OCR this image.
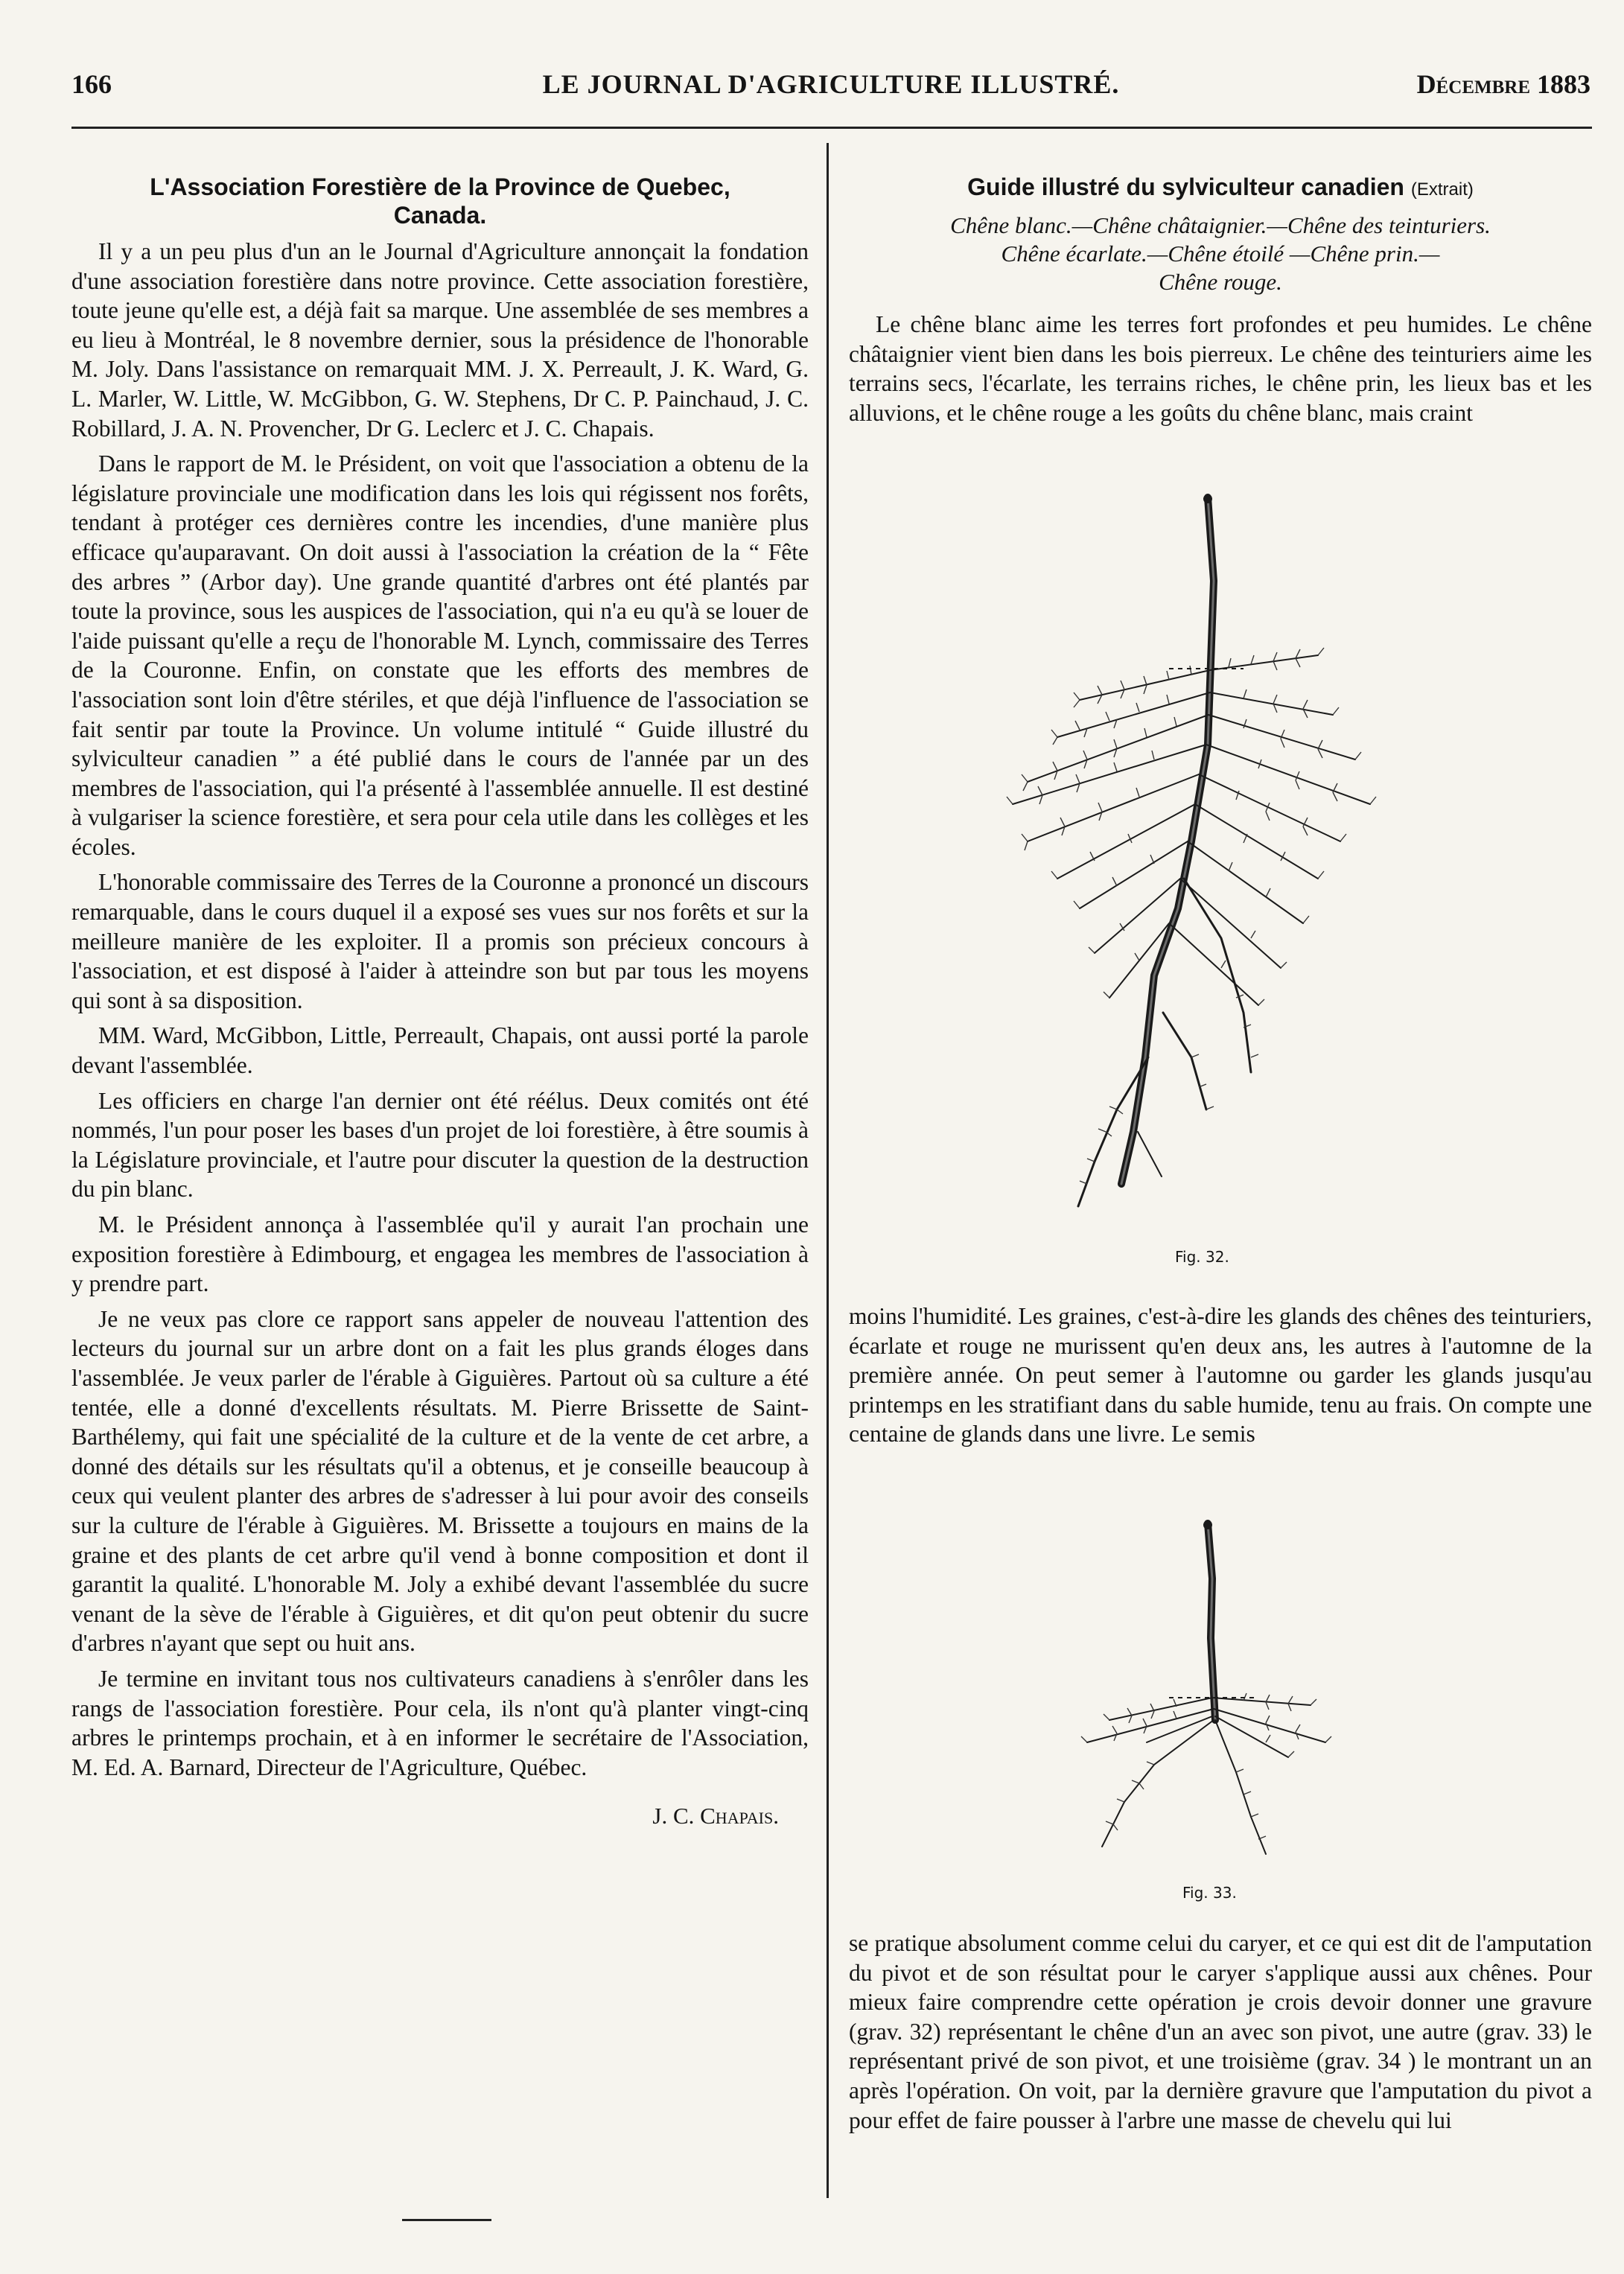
166	LE JOURNAL D'AGRICULTURE ILLUSTRÉ.	Décembre 1883
L'Association Forestière de la Province de Quebec,
Canada.

Il y a un peu plus d'un an le Journal d'Agriculture annonçait la fondation d'une association forestière dans notre province. Cette association forestière, toute jeune qu'elle est, a déjà fait sa marque. Une assemblée de ses membres a eu lieu à Montréal, le 8 novembre dernier, sous la présidence de l'honorable M. Joly. Dans l'assistance on remarquait MM. J. X. Perreault, J. K. Ward, G. L. Marler, W. Little, W. McGibbon, G. W. Stephens, Dr C. P. Painchaud, J. C. Robillard, J. A. N. Provencher, Dr G. Leclerc et J. C. Chapais.

Dans le rapport de M. le Président, on voit que l'association a obtenu de la législature provinciale une modification dans les lois qui régissent nos forêts, tendant à protéger ces dernières contre les incendies, d'une manière plus efficace qu'auparavant. On doit aussi à l'association la création de la “ Fête des arbres ” (Arbor day). Une grande quantité d'arbres ont été plantés par toute la province, sous les auspices de l'association, qui n'a eu qu'à se louer de l'aide puissant qu'elle a reçu de l'honorable M. Lynch, commissaire des Terres de la Couronne. Enfin, on constate que les efforts des membres de l'association sont loin d'être stériles, et que déjà l'influence de l'association se fait sentir par toute la Province. Un volume intitulé “ Guide illustré du sylviculteur canadien ” a été publié dans le cours de l'année par un des membres de l'association, qui l'a présenté à l'assemblée annuelle. Il est destiné à vulgariser la science forestière, et sera pour cela utile dans les collèges et les écoles.

L'honorable commissaire des Terres de la Couronne a prononcé un discours remarquable, dans le cours duquel il a exposé ses vues sur nos forêts et sur la meilleure manière de les exploiter. Il a promis son précieux concours à l'association, et est disposé à l'aider à atteindre son but par tous les moyens qui sont à sa disposition.

MM. Ward, McGibbon, Little, Perreault, Chapais, ont aussi porté la parole devant l'assemblée.

Les officiers en charge l'an dernier ont été réélus. Deux comités ont été nommés, l'un pour poser les bases d'un projet de loi forestière, à être soumis à la Législature provinciale, et l'autre pour discuter la question de la destruction du pin blanc.

M. le Président annonça à l'assemblée qu'il y aurait l'an prochain une exposition forestière à Edimbourg, et engagea les membres de l'association à y prendre part.

Je ne veux pas clore ce rapport sans appeler de nouveau l'attention des lecteurs du journal sur un arbre dont on a fait les plus grands éloges dans l'assemblée. Je veux parler de l'érable à Giguières. Partout où sa culture a été tentée, elle a donné d'excellents résultats. M. Pierre Brissette de Saint-Barthélemy, qui fait une spécialité de la culture et de la vente de cet arbre, a donné des détails sur les résultats qu'il a obtenus, et je conseille beaucoup à ceux qui veulent planter des arbres de s'adresser à lui pour avoir des conseils sur la culture de l'érable à Giguières. M. Brissette a toujours en mains de la graine et des plants de cet arbre qu'il vend à bonne composition et dont il garantit la qualité. L'honorable M. Joly a exhibé devant l'assemblée du sucre venant de la sève de l'érable à Giguières, et dit qu'on peut obtenir du sucre d'arbres n'ayant que sept ou huit ans.

Je termine en invitant tous nos cultivateurs canadiens à s'enrôler dans les rangs de l'association forestière. Pour cela, ils n'ont qu'à planter vingt-cinq arbres le printemps prochain, et à en informer le secrétaire de l'Association, M. Ed. A. Barnard, Directeur de l'Agriculture, Québec.

J. C. Chapais.
Guide illustré du sylviculteur canadien (Extrait)
Chêne blanc.—Chêne châtaignier.—Chêne des teinturiers.
Chêne écarlate.—Chêne étoilé —Chêne prin.—
Chêne rouge.

Le chêne blanc aime les terres fort profondes et peu humides. Le chêne châtaignier vient bien dans les bois pierreux. Le chêne des teinturiers aime les terrains secs, l'écarlate, les terrains riches, le chêne prin, les lieux bas et les alluvions, et le chêne rouge a les goûts du chêne blanc, mais craint

Fig. 32.

moins l'humidité. Les graines, c'est-à-dire les glands des chênes des teinturiers, écarlate et rouge ne murissent qu'en deux ans, les autres à l'automne de la première année. On peut semer à l'automne ou garder les glands jusqu'au printemps en les stratifiant dans du sable humide, tenu au frais. On compte une centaine de glands dans une livre. Le semis

Fig. 33.

se pratique absolument comme celui du caryer, et ce qui est dit de l'amputation du pivot et de son résultat pour le caryer s'applique aussi aux chênes. Pour mieux faire comprendre cette opération je crois devoir donner une gravure (grav. 32) représentant le chêne d'un an avec son pivot, une autre (grav. 33) le représentant privé de son pivot, et une troisième (grav. 34 ) le montrant un an après l'opération. On voit, par la dernière gravure que l'amputation du pivot a pour effet de faire pousser à l'arbre une masse de chevelu qui lui
